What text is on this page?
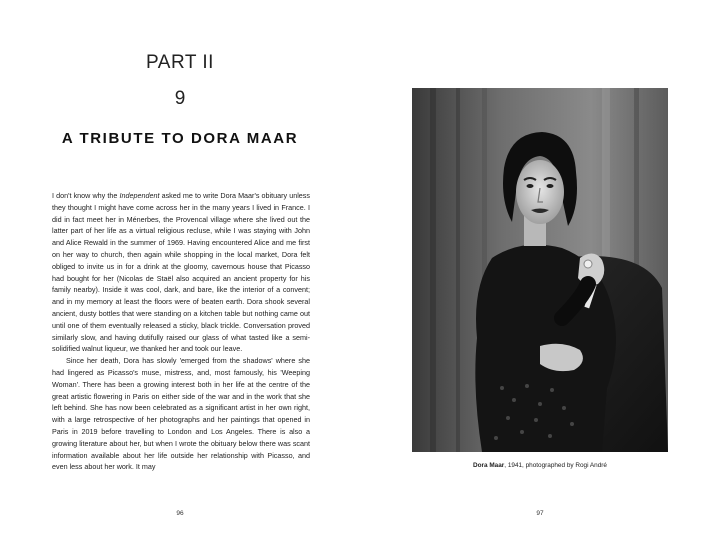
PART II
9
A TRIBUTE TO DORA MAAR

I don't know why the Independent asked me to write Dora Maar's obituary unless they thought I might have come across her in the many years I lived in France. I did in fact meet her in Ménerbes, the Provencal village where she lived out the latter part of her life as a virtual religious recluse, while I was staying with John and Alice Rewald in the summer of 1969. Having encountered Alice and me first on her way to church, then again while shopping in the local market, Dora felt obliged to invite us in for a drink at the gloomy, cavernous house that Picasso had bought for her (Nicolas de Staël also acquired an ancient property for his family nearby). Inside it was cool, dark, and bare, like the interior of a convent; and in my memory at least the floors were of beaten earth. Dora shook several ancient, dusty bottles that were standing on a kitchen table but nothing came out until one of them eventually released a sticky, black trickle. Conversation proved similarly slow, and having dutifully raised our glass of what tasted like a semi-solidified walnut liqueur, we thanked her and took our leave.

Since her death, Dora has slowly 'emerged from the shadows' where she had lingered as Picasso's muse, mistress, and, most famously, his 'Weeping Woman'. There has been a growing interest both in her life at the centre of the great artistic flowering in Paris on either side of the war and in the work that she left behind. She has now been celebrated as a significant artist in her own right, with a large retrospective of her photographs and her paintings that opened in Paris in 2019 before travelling to London and Los Angeles. There is also a growing literature about her, but when I wrote the obituary below there was scant information available about her life outside her relationship with Picasso, and even less about her work. It may

96
Dora Maar, 1941, photographed by Rogi André
97
